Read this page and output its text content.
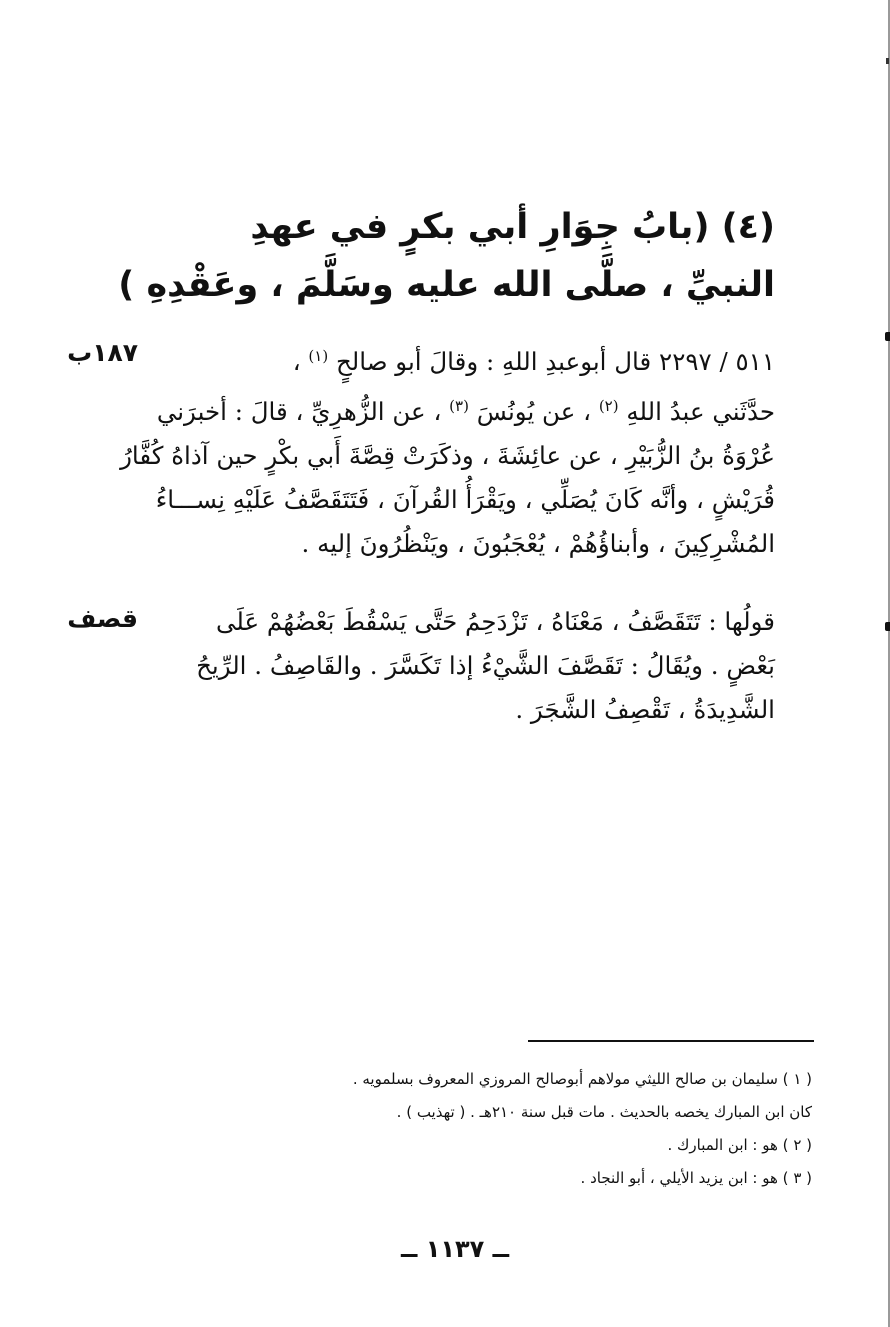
(٤) (بابُ جِوَارِ أبي بكرٍ في عهدِ
النبيِّ ، صلَّى الله عليه وسَلَّمَ ، وعَقْدِهِ )
١٨٧ب
قصف
٥١١ / ٢٢٩٧ قال أبوعبدِ اللهِ : وقالَ أبو صالحٍ $^{(١)}$ ،
حدَّثَني عبدُ اللهِ $^{(٢)}$ ، عن يُونُسَ $^{(٣)}$ ، عن الزُّهرِيِّ ، قالَ : أخبرَني
عُرْوَةُ بنُ الزُّبَيْرِ ، عن عائِشَةَ ، وذكَرَتْ قِصَّةَ أَبي بكْرٍ حين آذاهُ كُفَّارُ
قُرَيْشٍ ، وأنَّه كَانَ يُصَلِّي ، ويَقْرَأُ القُرآنَ ، فَتَتَقَصَّفُ عَلَيْهِ نِســـاءُ
المُشْرِكِينَ ، وأبناؤُهُمْ ، يُعْجَبُونَ ، ويَنْظُرُونَ إليه .
قولُها : تَتَقَصَّفُ ، مَعْنَاهُ ، تَزْدَحِمُ حَتَّى يَسْقُطَ بَعْضُهُمْ عَلَى
بَعْضٍ . ويُقَالُ : تَقَصَّفَ الشَّيْءُ إذا تَكَسَّرَ . والقَاصِفُ . الرِّيحُ
الشَّدِيدَةُ ، تَقْصِفُ الشَّجَرَ .
( ١ ) سليمان بن صالح الليثي مولاهم أبوصالح المروزي المعروف بسلمويه .
كان ابن المبارك يخصه بالحديث . مات قبل سنة ٢١٠هـ . ( تهذيب ) .
( ٢ ) هو : ابن المبارك .
( ٣ ) هو : ابن يزيد الأيلي ، أبو النجاد .
ــ ١١٣٧ ــ
